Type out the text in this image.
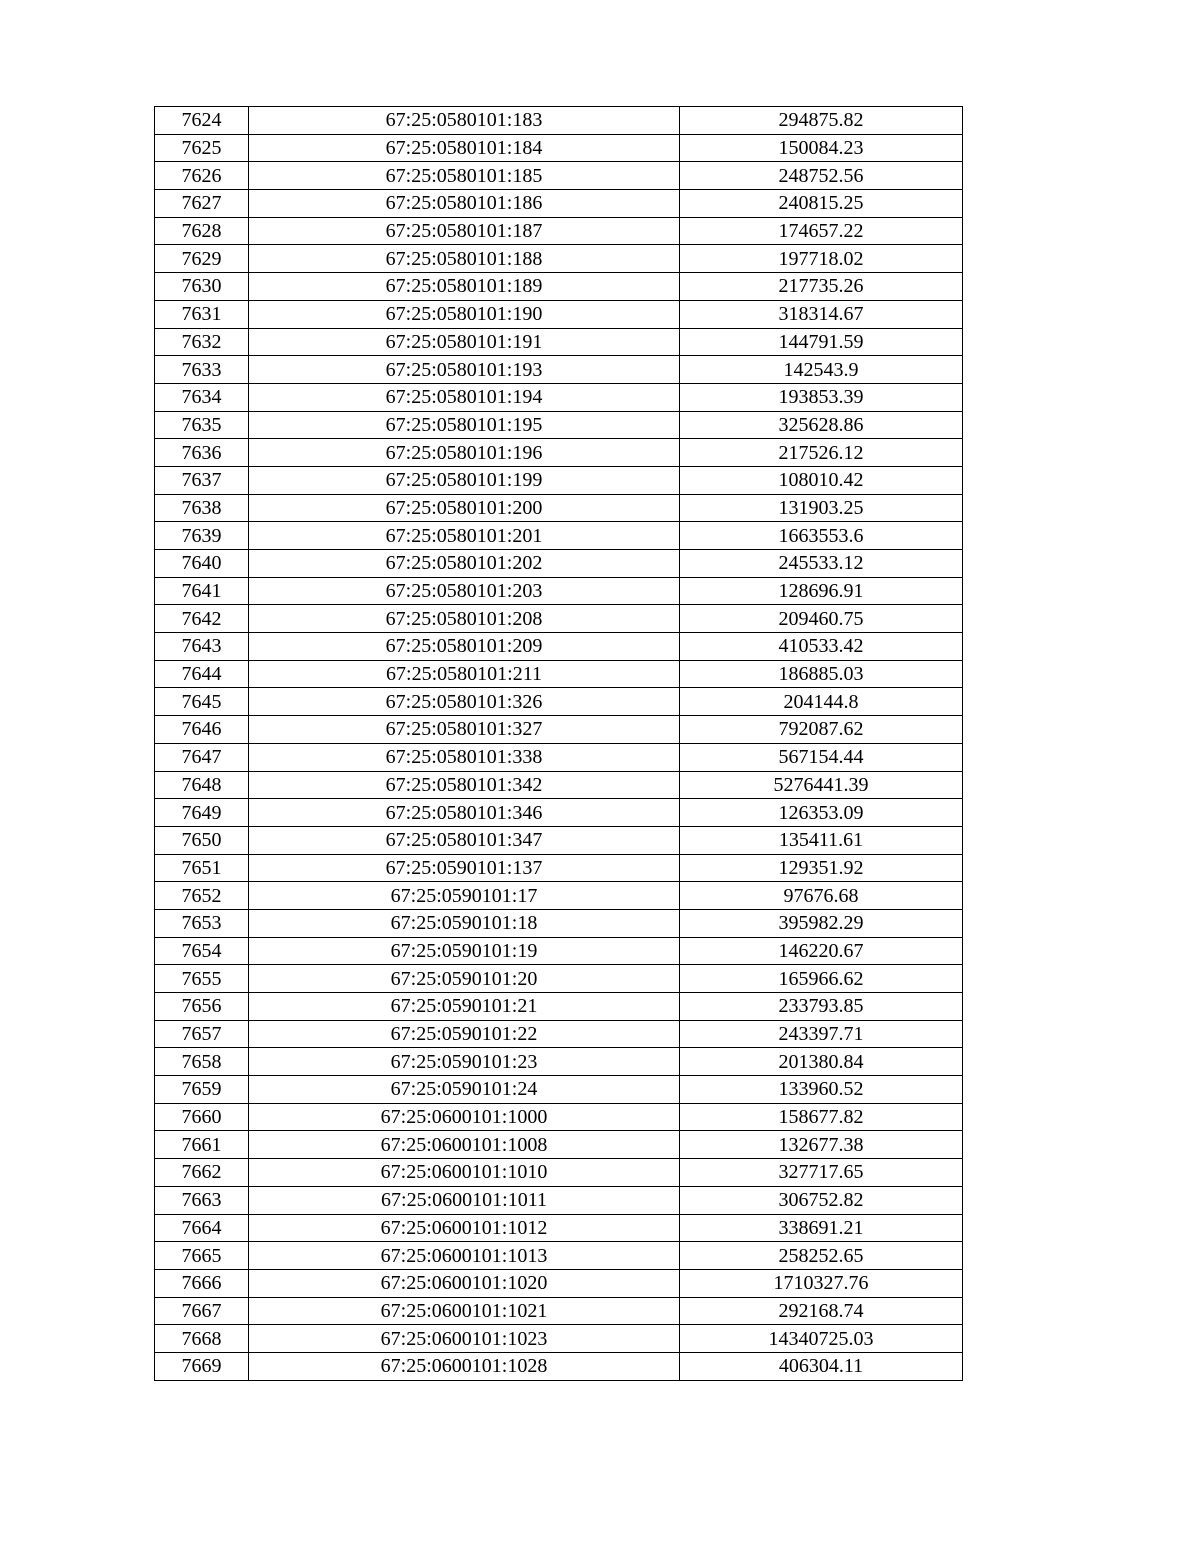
7624	67:25:0580101:183	294875.82
7625	67:25:0580101:184	150084.23
7626	67:25:0580101:185	248752.56
7627	67:25:0580101:186	240815.25
7628	67:25:0580101:187	174657.22
7629	67:25:0580101:188	197718.02
7630	67:25:0580101:189	217735.26
7631	67:25:0580101:190	318314.67
7632	67:25:0580101:191	144791.59
7633	67:25:0580101:193	142543.9
7634	67:25:0580101:194	193853.39
7635	67:25:0580101:195	325628.86
7636	67:25:0580101:196	217526.12
7637	67:25:0580101:199	108010.42
7638	67:25:0580101:200	131903.25
7639	67:25:0580101:201	1663553.6
7640	67:25:0580101:202	245533.12
7641	67:25:0580101:203	128696.91
7642	67:25:0580101:208	209460.75
7643	67:25:0580101:209	410533.42
7644	67:25:0580101:211	186885.03
7645	67:25:0580101:326	204144.8
7646	67:25:0580101:327	792087.62
7647	67:25:0580101:338	567154.44
7648	67:25:0580101:342	5276441.39
7649	67:25:0580101:346	126353.09
7650	67:25:0580101:347	135411.61
7651	67:25:0590101:137	129351.92
7652	67:25:0590101:17	97676.68
7653	67:25:0590101:18	395982.29
7654	67:25:0590101:19	146220.67
7655	67:25:0590101:20	165966.62
7656	67:25:0590101:21	233793.85
7657	67:25:0590101:22	243397.71
7658	67:25:0590101:23	201380.84
7659	67:25:0590101:24	133960.52
7660	67:25:0600101:1000	158677.82
7661	67:25:0600101:1008	132677.38
7662	67:25:0600101:1010	327717.65
7663	67:25:0600101:1011	306752.82
7664	67:25:0600101:1012	338691.21
7665	67:25:0600101:1013	258252.65
7666	67:25:0600101:1020	1710327.76
7667	67:25:0600101:1021	292168.74
7668	67:25:0600101:1023	14340725.03
7669	67:25:0600101:1028	406304.11
